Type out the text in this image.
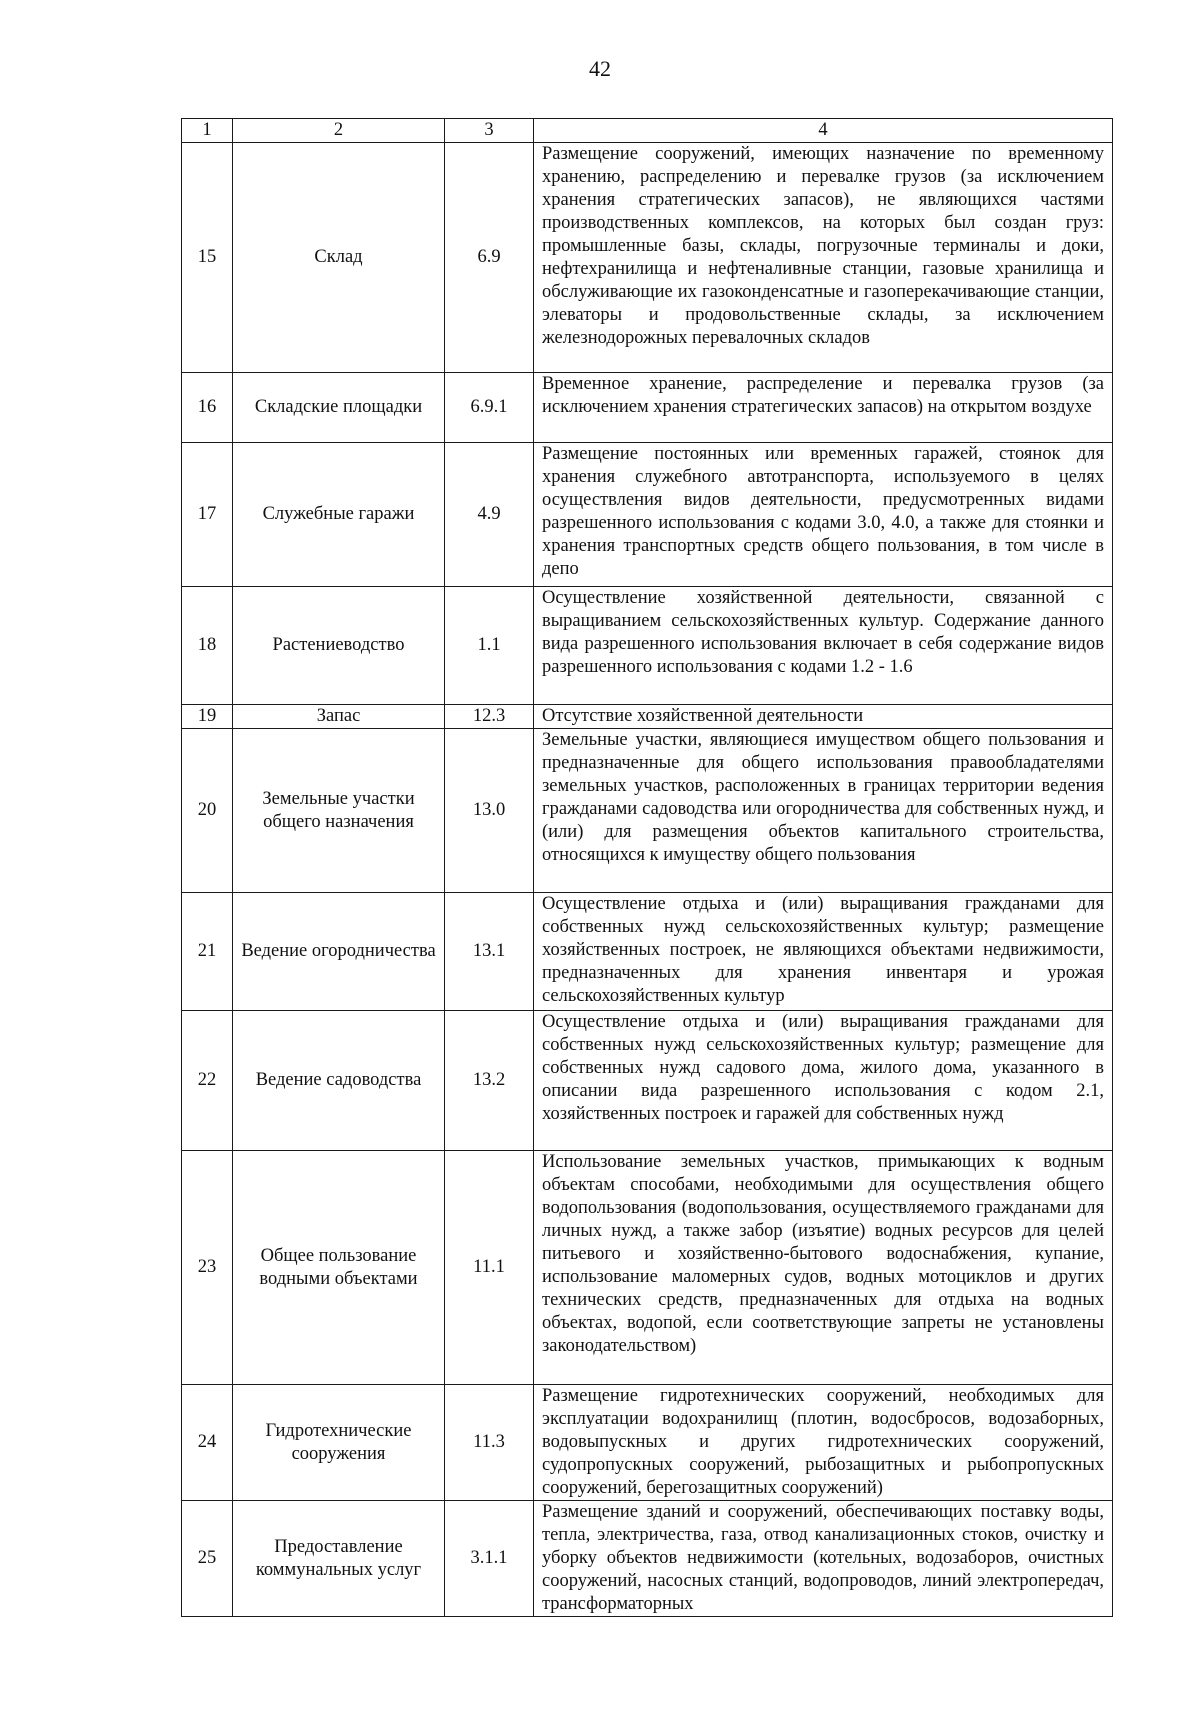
42
1	2	3	4
15	Склад	6.9	Размещение сооружений, имеющих назначение по временному хранению, распределению и перевалке грузов (за исключением хранения стратегических запасов), не являющихся частями производственных комплексов, на которых был создан груз: промышленные базы, склады, погрузочные терминалы и доки, нефтехранилища и нефтеналивные станции, газовые хранилища и обслуживающие их газоконденсатные и газоперекачивающие станции, элеваторы и продовольственные склады, за исключением железнодорожных перевалочных складов
16	Складские площадки	6.9.1	Временное хранение, распределение и перевалка грузов (за исключением хранения стратегических запасов) на открытом воздухе
17	Служебные гаражи	4.9	Размещение постоянных или временных гаражей, стоянок для хранения служебного автотранспорта, используемого в целях осуществления видов деятельности, предусмотренных видами разрешенного использования с кодами 3.0, 4.0, а также для стоянки и хранения транспортных средств общего пользования, в том числе в депо
18	Растениеводство	1.1	Осуществление хозяйственной деятельности, связанной с выращиванием сельскохозяйственных культур. Содержание данного вида разрешенного использования включает в себя содержание видов разрешенного использования с кодами 1.2 - 1.6
19	Запас	12.3	Отсутствие хозяйственной деятельности
20	Земельные участки общего назначения	13.0	Земельные участки, являющиеся имуществом общего пользования и предназначенные для общего использования правообладателями земельных участков, расположенных в границах территории ведения гражданами садоводства или огородничества для собственных нужд, и (или) для размещения объектов капитального строительства, относящихся к имуществу общего пользования
21	Ведение огородничества	13.1	Осуществление отдыха и (или) выращивания гражданами для собственных нужд сельскохозяйственных культур; размещение хозяйственных построек, не являющихся объектами недвижимости, предназначенных для хранения инвентаря и урожая сельскохозяйственных культур
22	Ведение садоводства	13.2	Осуществление отдыха и (или) выращивания гражданами для собственных нужд сельскохозяйственных культур; размещение для собственных нужд садового дома, жилого дома, указанного в описании вида разрешенного использования с кодом 2.1, хозяйственных построек и гаражей для собственных нужд
23	Общее пользование водными объектами	11.1	Использование земельных участков, примыкающих к водным объектам способами, необходимыми для осуществления общего водопользования (водопользования, осуществляемого гражданами для личных нужд, а также забор (изъятие) водных ресурсов для целей питьевого и хозяйственно-бытового водоснабжения, купание, использование маломерных судов, водных мотоциклов и других технических средств, предназначенных для отдыха на водных объектах, водопой, если соответствующие запреты не установлены законодательством)
24	Гидротехнические сооружения	11.3	Размещение гидротехнических сооружений, необходимых для эксплуатации водохранилищ (плотин, водосбросов, водозаборных, водовыпускных и других гидротехнических сооружений, судопропускных сооружений, рыбозащитных и рыбопропускных сооружений, берегозащитных сооружений)
25	Предоставление коммунальных услуг	3.1.1	Размещение зданий и сооружений, обеспечивающих поставку воды, тепла, электричества, газа, отвод канализационных стоков, очистку и уборку объектов недвижимости (котельных, водозаборов, очистных сооружений, насосных станций, водопроводов, линий электропередач, трансформаторных
